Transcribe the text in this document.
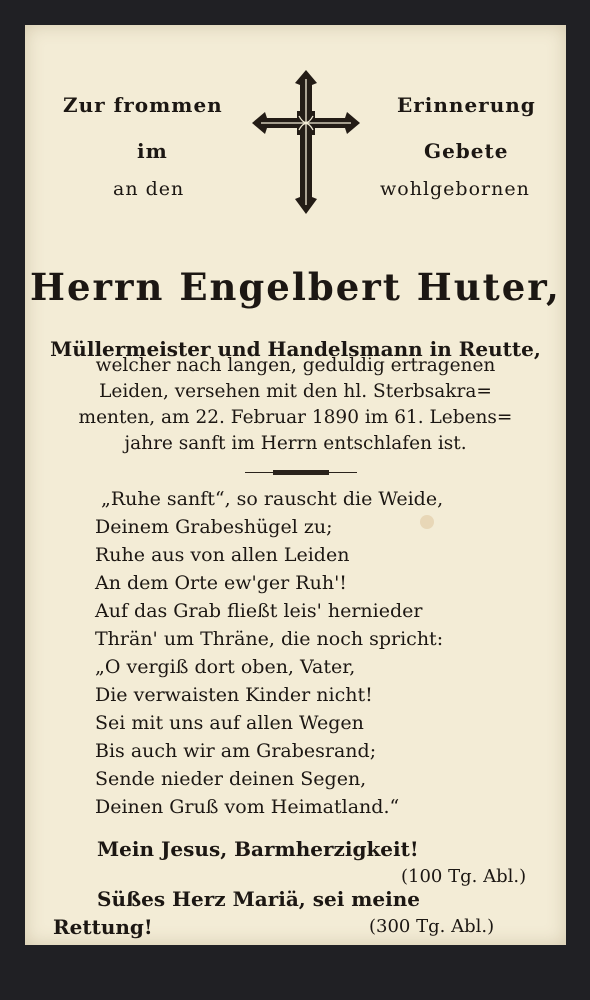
Zur frommen
im
an den
Erinnerung
Gebete
wohlgebornen
Herrn Engelbert Huter,
Müllermeister und Handelsmann in Reutte,
welcher nach langen, geduldig ertragenen
Leiden, versehen mit den hl. Sterbsakra=
menten, am 22. Februar 1890 im 61. Lebens=
jahre sanft im Herrn entschlafen ist.
„Ruhe sanft“, so rauscht die Weide,
Deinem Grabeshügel zu;
Ruhe aus von allen Leiden
An dem Orte ew'ger Ruh'!
Auf das Grab fließt leis' hernieder
Thrän' um Thräne, die noch spricht:
„O vergiß dort oben, Vater,
Die verwaisten Kinder nicht!
Sei mit uns auf allen Wegen
Bis auch wir am Grabesrand;
Sende nieder deinen Segen,
Deinen Gruß vom Heimatland.“
Mein Jesus, Barmherzigkeit!
(100 Tg. Abl.)
Süßes Herz Mariä, sei meine
Rettung!	(300 Tg. Abl.)
